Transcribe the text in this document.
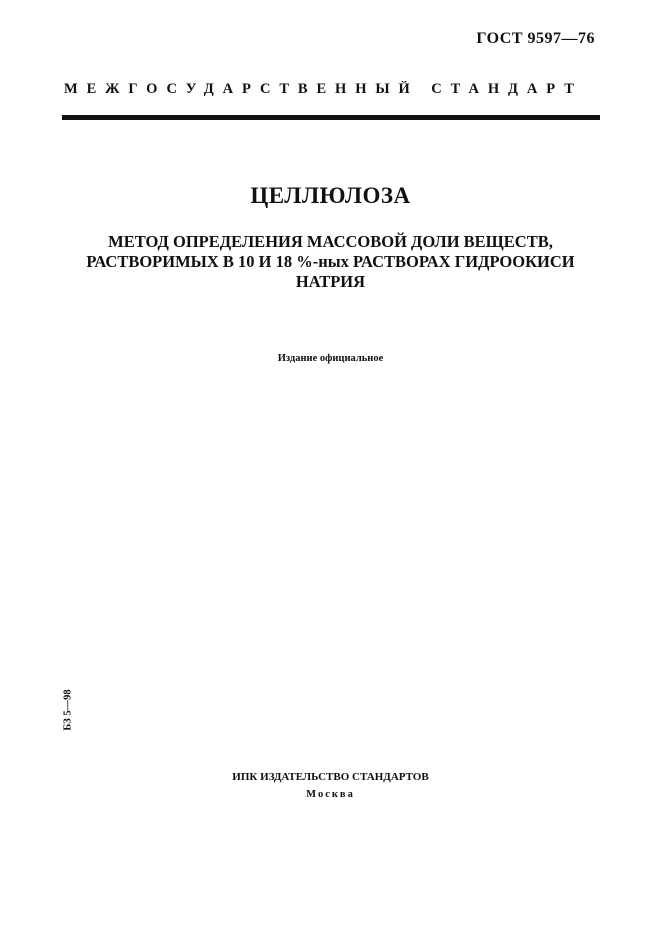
ГОСТ 9597—76
МЕЖГОСУДАРСТВЕННЫЙ СТАНДАРТ
ЦЕЛЛЮЛОЗА
МЕТОД ОПРЕДЕЛЕНИЯ МАССОВОЙ ДОЛИ ВЕЩЕСТВ,
РАСТВОРИМЫХ В 10 И 18 %-ных РАСТВОРАХ ГИДРООКИСИ
НАТРИЯ
Издание официальное
БЗ 5—98
ИПК ИЗДАТЕЛЬСТВО СТАНДАРТОВ
Москва
